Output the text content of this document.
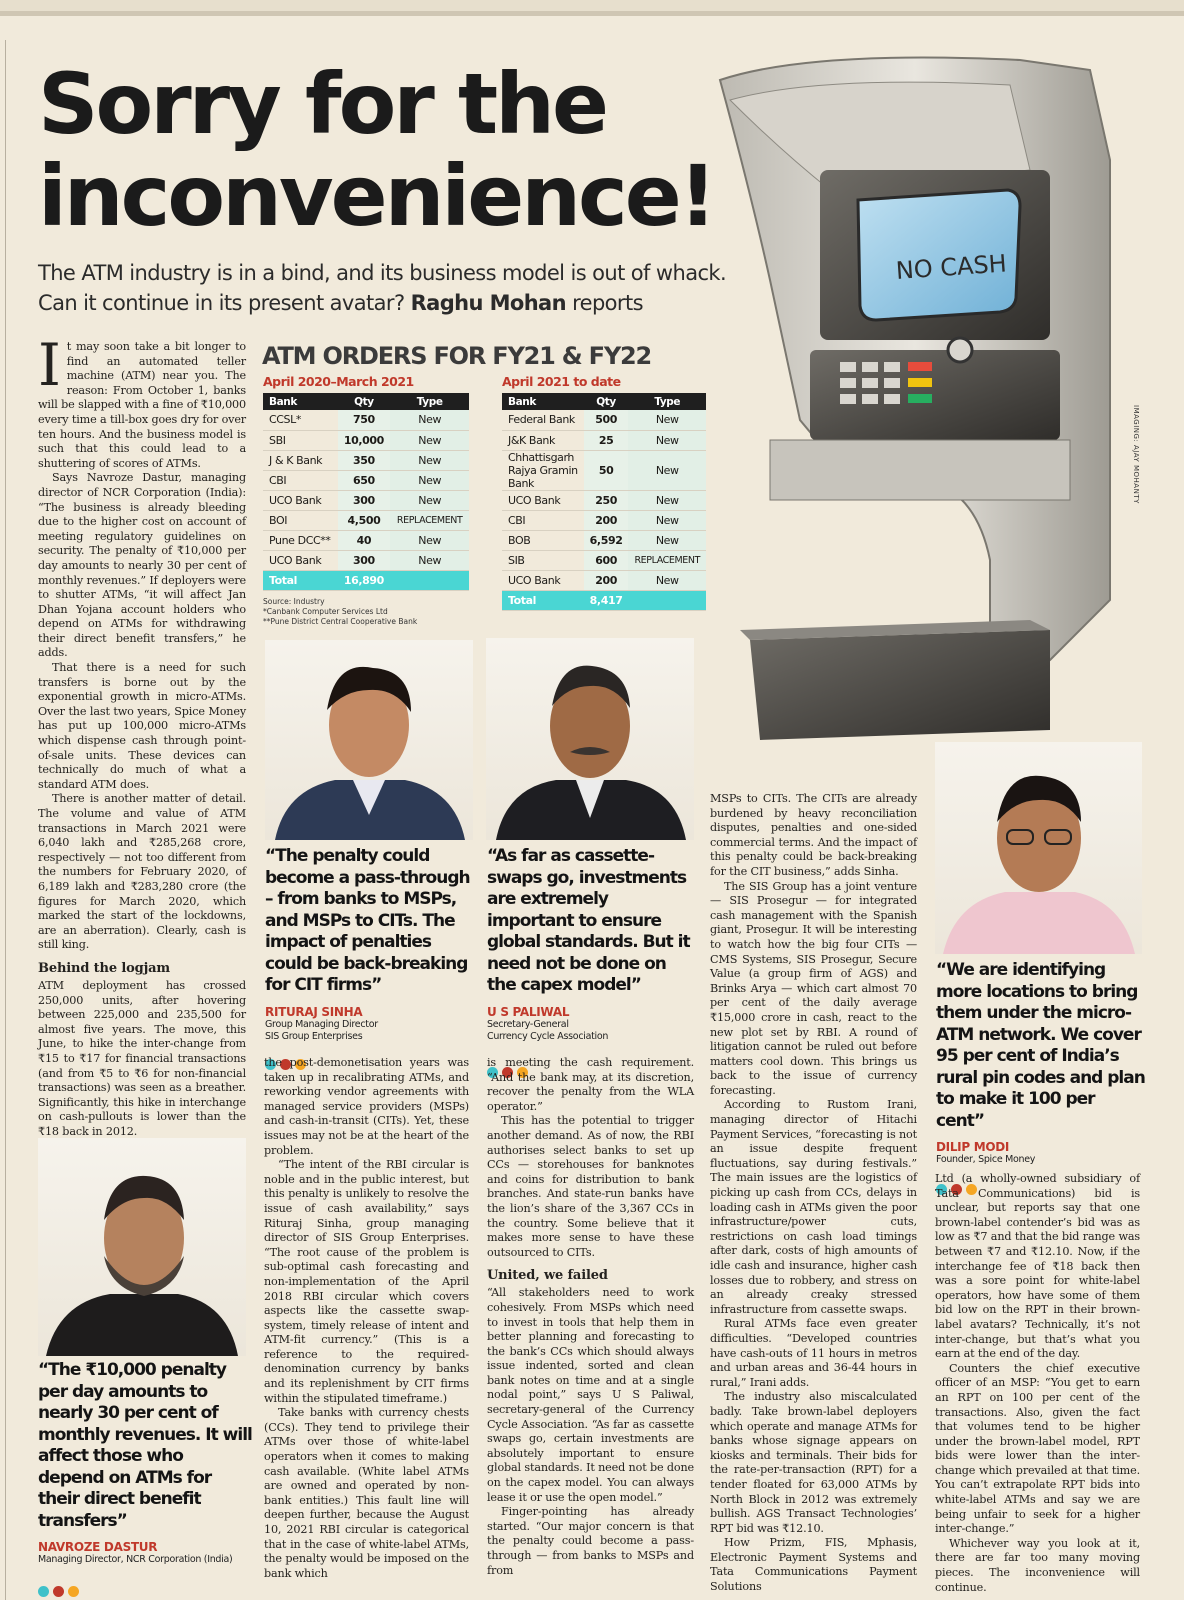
Sorry for the inconvenience!
The ATM industry is in a bind, and its business model is out of whack.
Can it continue in its present avatar? Raghu Mohan reports
NO CASH
IMAGING: AJAY MOHANTY

It may soon take a bit longer to find an automated teller machine (ATM) near you. The reason: From October 1, banks will be slapped with a fine of ₹10,000 every time a till-box goes dry for over ten hours. And the business model is such that this could lead to a shuttering of scores of ATMs.

Says Navroze Dastur, managing director of NCR Corporation (India): “The business is already bleeding due to the higher cost on account of meeting regulatory guidelines on security. The penalty of ₹10,000 per day amounts to nearly 30 per cent of monthly revenues.” If deployers were to shutter ATMs, “it will affect Jan Dhan Yojana account holders who depend on ATMs for withdrawing their direct benefit transfers,” he adds.

That there is a need for such transfers is borne out by the exponential growth in micro-ATMs. Over the last two years, Spice Money has put up 100,000 micro-ATMs which dispense cash through point-of-sale units. These devices can technically do much of what a standard ATM does.

There is another matter of detail. The volume and value of ATM transactions in March 2021 were 6,040 lakh and ₹285,268 crore, respectively — not too different from the numbers for February 2020, of 6,189 lakh and ₹283,280 crore (the figures for March 2020, which marked the start of the lockdowns, are an aberration). Clearly, cash is still king.

Behind the logjam

ATM deployment has crossed 250,000 units, after hovering between 225,000 and 235,500 for almost five years. The move, this June, to hike the inter-change from ₹15 to ₹17 for financial transactions (and from ₹5 to ₹6 for non-financial transactions) was seen as a breather. Significantly, this hike in interchange on cash-pullouts is lower than the ₹18 back in 2012.

ATM ORDERS FOR FY21 & FY22
April 2020–March 2021
Bank	Qty	Type
CCSL*	750	New
SBI	10,000	New
J & K Bank	350	New
CBI	650	New
UCO Bank	300	New
BOI	4,500	REPLACEMENT
Pune DCC**	40	New
UCO Bank	300	New
Total	16,890	
Source: Industry
*Canbank Computer Services Ltd
**Pune District Central Cooperative Bank
April 2021 to date
Bank	Qty	Type
Federal Bank	500	New
J&K Bank	25	New
Chhattisgarh Rajya Gramin Bank	50	New
UCO Bank	250	New
CBI	200	New
BOB	6,592	New
SIB	600	REPLACEMENT
UCO Bank	200	New
Total	8,417	
“The penalty could become a pass-through – from banks to MSPs, and MSPs to CITs. The impact of penalties could be back-breaking for CIT firms”
RITURAJ SINHA
Group Managing Director
SIS Group Enterprises
“As far as cassette-swaps go, investments are extremely important to ensure global standards. But it need not be done on the capex model”
U S PALIWAL
Secretary-General
Currency Cycle Association

the post-demonetisation years was taken up in recalibrating ATMs, and reworking vendor agreements with managed service providers (MSPs) and cash-in-transit (CITs). Yet, these issues may not be at the heart of the problem.

“The intent of the RBI circular is noble and in the public interest, but this penalty is unlikely to resolve the issue of cash availability,” says Rituraj Sinha, group managing director of SIS Group Enterprises. “The root cause of the problem is sub-optimal cash forecasting and non-implementation of the April 2018 RBI circular which covers aspects like the cassette swap-system, timely release of intent and ATM-fit currency.” (This is a reference to the required-denomination currency by banks and its replenishment by CIT firms within the stipulated timeframe.)

Take banks with currency chests (CCs). They tend to privilege their ATMs over those of white-label operators when it comes to making cash available. (White label ATMs are owned and operated by non-bank entities.) This fault line will deepen further, because the August 10, 2021 RBI circular is categorical that in the case of white-label ATMs, the penalty would be imposed on the bank which

is meeting the cash requirement. “And the bank may, at its discretion, recover the penalty from the WLA operator.”

This has the potential to trigger another demand. As of now, the RBI authorises select banks to set up CCs — storehouses for banknotes and coins for distribution to bank branches. And state-run banks have the lion’s share of the 3,367 CCs in the country. Some believe that it makes more sense to have these outsourced to CITs.

United, we failed

“All stakeholders need to work cohesively. From MSPs which need to invest in tools that help them in better planning and forecasting to the bank’s CCs which should always issue indented, sorted and clean bank notes on time and at a single nodal point,” says U S Paliwal, secretary-general of the Currency Cycle Association. “As far as cassette swaps go, certain investments are absolutely important to ensure global standards. It need not be done on the capex model. You can always lease it or use the open model.”

Finger-pointing has already started. “Our major concern is that the penalty could become a pass-through — from banks to MSPs and from

MSPs to CITs. The CITs are already burdened by heavy reconciliation disputes, penalties and one-sided commercial terms. And the impact of this penalty could be back-breaking for the CIT business,” adds Sinha.

The SIS Group has a joint venture — SIS Prosegur — for integrated cash management with the Spanish giant, Prosegur. It will be interesting to watch how the big four CITs — CMS Systems, SIS Prosegur, Secure Value (a group firm of AGS) and Brinks Arya — which cart almost 70 per cent of the daily average ₹15,000 crore in cash, react to the new plot set by RBI. A round of litigation cannot be ruled out before matters cool down. This brings us back to the issue of currency forecasting.

According to Rustom Irani, managing director of Hitachi Payment Services, “forecasting is not an issue despite frequent fluctuations, say during festivals.” The main issues are the logistics of picking up cash from CCs, delays in loading cash in ATMs given the poor infrastructure/power cuts, restrictions on cash load timings after dark, costs of high amounts of idle cash and insurance, higher cash losses due to robbery, and stress on an already creaky stressed infrastructure from cassette swaps.

Rural ATMs face even greater difficulties. “Developed countries have cash-outs of 11 hours in metros and urban areas and 36-44 hours in rural,” Irani adds.

The industry also miscalculated badly. Take brown-label deployers which operate and manage ATMs for banks whose signage appears on kiosks and terminals. Their bids for the rate-per-transaction (RPT) for a tender floated for 63,000 ATMs by North Block in 2012 was extremely bullish. AGS Transact Technologies’ RPT bid was ₹12.10.

How Prizm, FIS, Mphasis, Electronic Payment Systems and Tata Communications Payment Solutions

“We are identifying more locations to bring them under the micro-ATM network. We cover 95 per cent of India’s rural pin codes and plan to make it 100 per cent”
DILIP MODI
Founder, Spice Money

Ltd (a wholly-owned subsidiary of Tata Communications) bid is unclear, but reports say that one brown-label contender’s bid was as low as ₹7 and that the bid range was between ₹7 and ₹12.10. Now, if the interchange fee of ₹18 back then was a sore point for white-label operators, how have some of them bid low on the RPT in their brown-label avatars? Technically, it’s not inter-change, but that’s what you earn at the end of the day.

Counters the chief executive officer of an MSP: “You get to earn an RPT on 100 per cent of the transactions. Also, given the fact that volumes tend to be higher under the brown-label model, RPT bids were lower than the inter-change which prevailed at that time. You can’t extrapolate RPT bids into white-label ATMs and say we are being unfair to seek for a higher inter-change.”

Whichever way you look at it, there are far too many moving pieces. The inconvenience will continue.

“The ₹10,000 penalty per day amounts to nearly 30 per cent of monthly revenues. It will affect those who depend on ATMs for their direct benefit transfers”
NAVROZE DASTUR
Managing Director, NCR Corporation (India)
